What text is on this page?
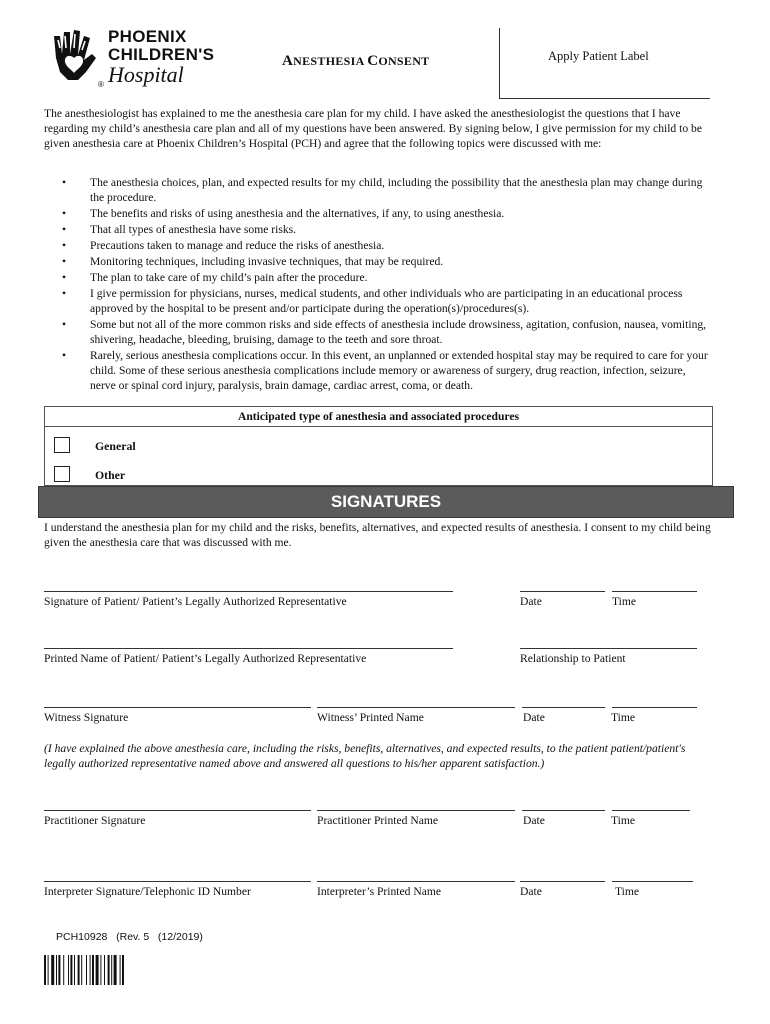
PHOENIX
CHILDREN'S
Hospital
®
ANESTHESIA CONSENT	Apply Patient Label
The anesthesiologist has explained to me the anesthesia care plan for my child. I have asked the anesthesiologist the questions that I have regarding my child’s anesthesia care plan and all of my questions have been answered. By signing below, I give permission for my child to be given anesthesia care at Phoenix Children’s Hospital (PCH) and agree that the following topics were discussed with me:
•	The anesthesia choices, plan, and expected results for my child, including the possibility that the anesthesia plan may change during the procedure.
•	The benefits and risks of using anesthesia and the alternatives, if any, to using anesthesia.
•	That all types of anesthesia have some risks.
•	Precautions taken to manage and reduce the risks of anesthesia.
•	Monitoring techniques, including invasive techniques, that may be required.
•	The plan to take care of my child’s pain after the procedure.
•	I give permission for physicians, nurses, medical students, and other individuals who are participating in an educational process approved by the hospital to be present and/or participate during the operation(s)/procedures(s).
•	Some but not all of the more common risks and side effects of anesthesia include drowsiness, agitation, confusion, nausea, vomiting, shivering, headache, bleeding, bruising, damage to the teeth and sore throat.
•	Rarely, serious anesthesia complications occur. In this event, an unplanned or extended hospital stay may be required to care for your child. Some of these serious anesthesia complications include memory or awareness of surgery, drug reaction, infection, seizure, nerve or spinal cord injury, paralysis, brain damage, cardiac arrest, coma, or death.
Anticipated type of anesthesia and associated procedures
General
Other
SIGNATURES
I understand the anesthesia plan for my child and the risks, benefits, alternatives, and expected results of anesthesia. I consent to my child being given the anesthesia care that was discussed with me.
Signature of Patient/ Patient’s Legally Authorized Representative	Date	Time
Printed Name of Patient/ Patient’s Legally Authorized Representative	Relationship to Patient
Witness Signature	Witness’ Printed Name	Date	Time
(I have explained the above anesthesia care, including the risks, benefits, alternatives, and expected results, to the patient patient/patient's legally authorized representative named above and answered all questions to his/her apparent satisfaction.)
Practitioner Signature	Practitioner Printed Name	Date	Time
Interpreter Signature/Telephonic ID Number	Interpreter’s Printed Name	Date	Time
PCH10928   (Rev. 5   (12/2019)
